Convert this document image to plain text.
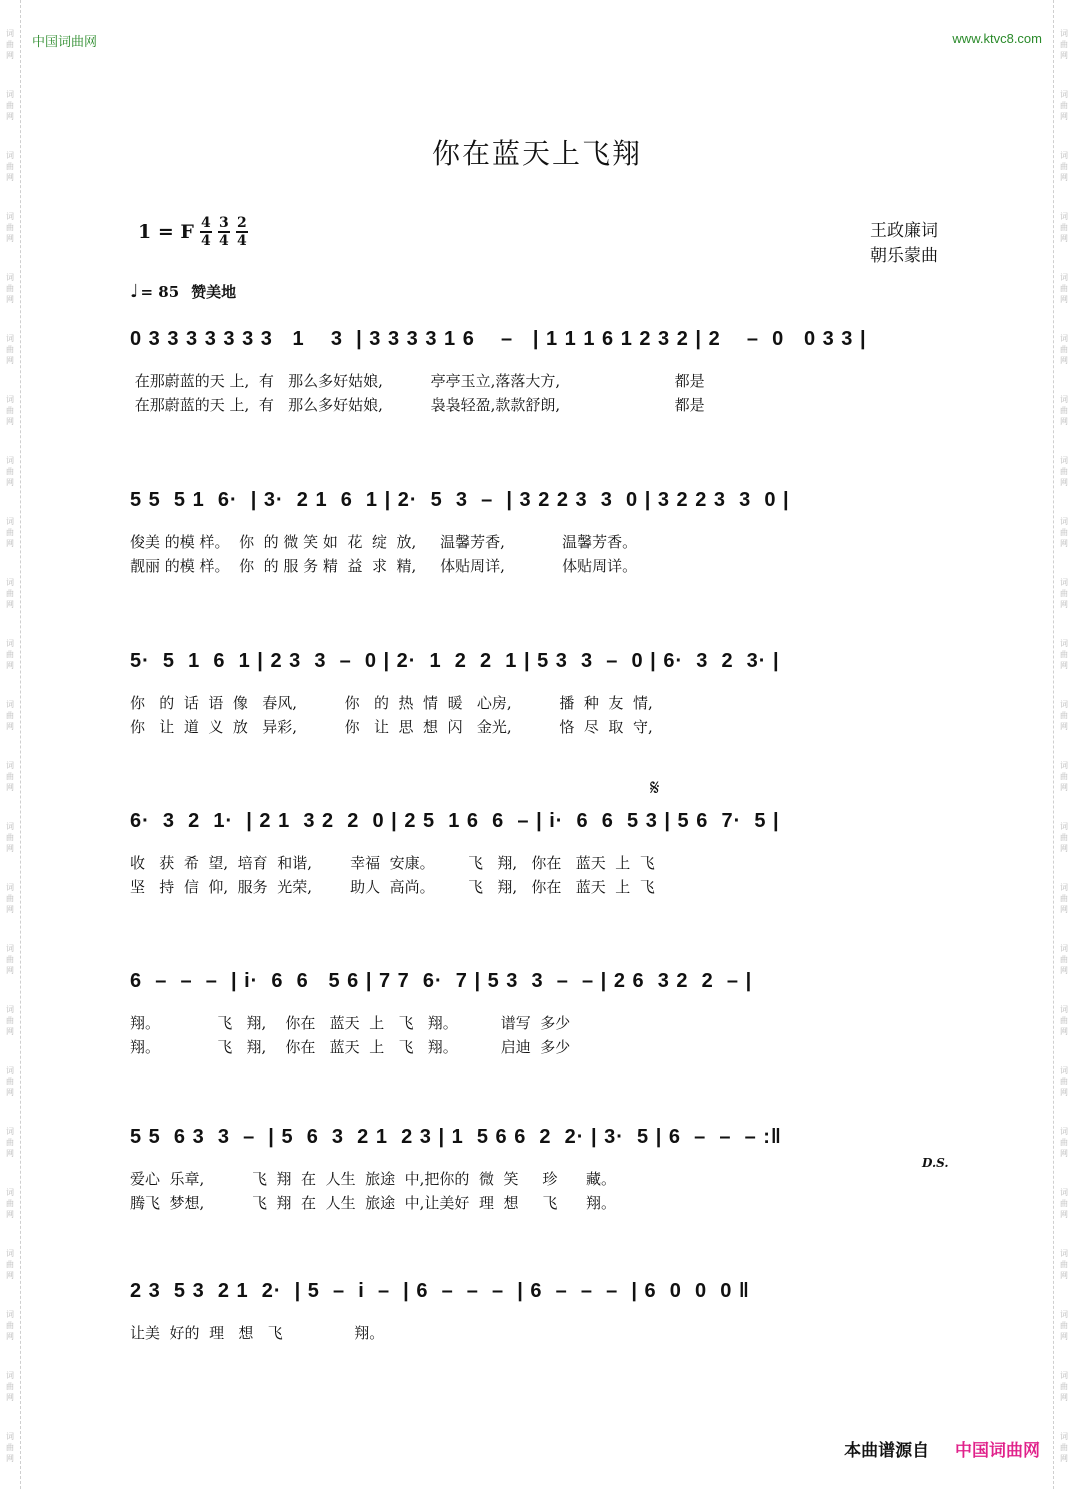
词
曲
网
词
曲
网
词
曲
网
词
曲
网
词
曲
网
词
曲
网
词
曲
网
词
曲
网
词
曲
网
词
曲
网
词
曲
网
词
曲
网
词
曲
网
词
曲
网
词
曲
网
词
曲
网
词
曲
网
词
曲
网
词
曲
网
词
曲
网
词
曲
网
词
曲
网
词
曲
网
词
曲
网
词
曲
网
词
曲
网
词
曲
网
词
曲
网
词
曲
网
词
曲
网
词
曲
网
词
曲
网
词
曲
网
词
曲
网
词
曲
网
词
曲
网
词
曲
网
词
曲
网
词
曲
网
词
曲
网
词
曲
网
词
曲
网
词
曲
网
词
曲
网
词
曲
网
词
曲
网
词
曲
网
词
曲
网
中国词曲网	www.ktvc8.com
你在蓝天上飞翔
1 = F 4
4
3
4
2
4	王政廉词
朝乐蒙曲
♩ = 85 赞美地
0 3 3 3 3 3 3 3   1    3  | 3 3 3 3 1 6    –   | 1 1 1 6 1 2 3 2 | 2    –  0   0 3 3 |
在那蔚蓝的天 上,  有   那么多好姑娘,          亭亭玉立,落落大方,                        都是
在那蔚蓝的天 上,  有   那么多好姑娘,          袅袅轻盈,款款舒朗,                        都是
5 5  5 1  6·  | 3·  2 1  6  1 | 2·  5  3  –  | 3 2 2 3  3  0 | 3 2 2 3  3  0 |
俊美 的模 样。  你  的 微 笑 如  花  绽  放,     温馨芳香,            温馨芳香。
靓丽 的模 样。  你  的 服 务 精  益  求  精,     体贴周详,            体贴周详。
5·  5  1  6  1 | 2 3  3  –  0 | 2·  1  2  2  1 | 5 3  3  –  0 | 6·  3  2  3· |
你   的  话  语  像   春风,          你   的  热  情  暖   心房,          播  种  友  情,
你   让  道  义  放   异彩,          你   让  思  想  闪   金光,          恪  尽  取  守,
𝄋
6·  3  2  1·  | 2 1  3 2  2  0 | 2 5  1 6  6  – | i·  6  6  5 3 | 5 6  7·  5 |
收   获  希  望,  培育  和谐,        幸福  安康。       飞   翔,   你在   蓝天  上  飞
坚   持  信  仰,  服务  光荣,        助人  高尚。       飞   翔,   你在   蓝天  上  飞
6  –  –  –  | i·  6  6   5 6 | 7 7  6·  7 | 5 3  3  –  – | 2 6  3 2  2  – |
翔。            飞   翔,    你在   蓝天  上   飞   翔。         谱写  多少
翔。            飞   翔,    你在   蓝天  上   飞   翔。         启迪  多少
5 5  6 3  3  –  | 5  6  3  2 1  2 3 | 1  5 6 6  2  2· | 3·  5 | 6  –  –  – :‖
D.S.
爱心  乐章,          飞  翔  在  人生  旅途  中,把你的  微  笑     珍      藏。
腾飞  梦想,          飞  翔  在  人生  旅途  中,让美好  理  想     飞      翔。
2 3  5 3  2 1  2·  | 5  –  i  –  | 6  –  –  –  | 6  –  –  –  | 6  0  0  0 ‖
让美  好的  理   想   飞               翔。
本曲谱源自 中国词曲网
